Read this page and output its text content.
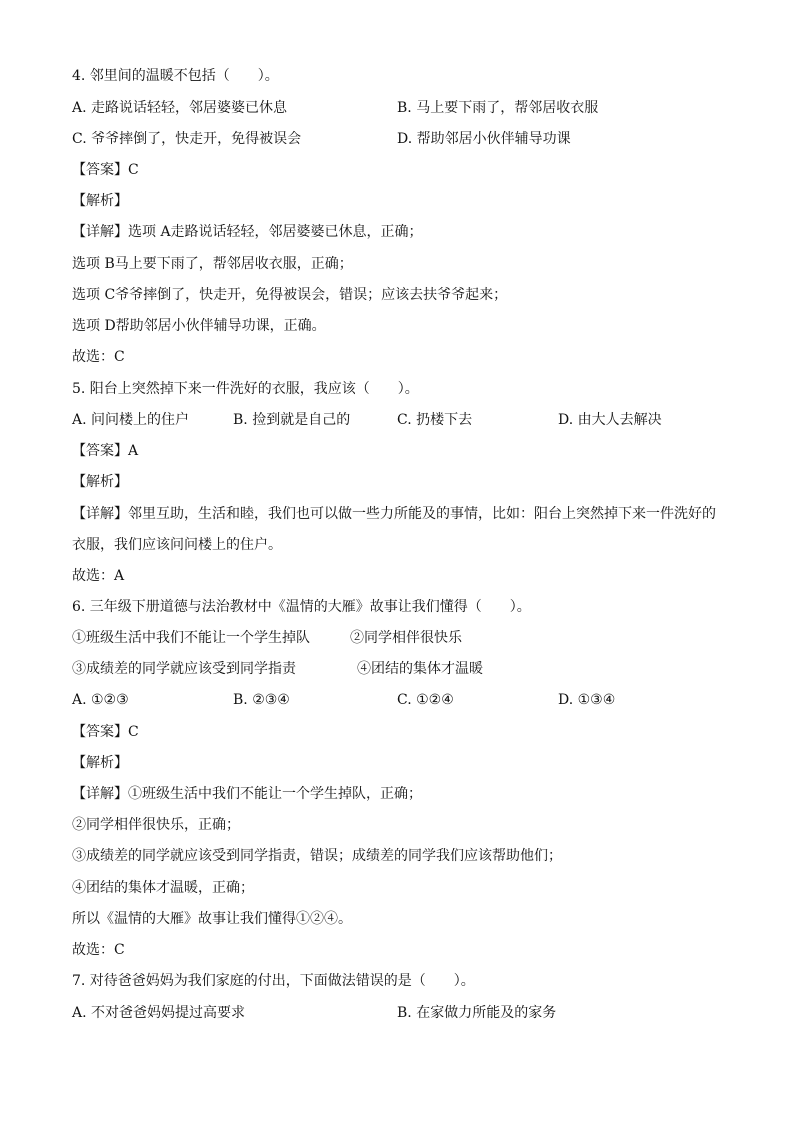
4. 邻里间的温暖不包括（　　）。
A. 走路说话轻轻，邻居婆婆已休息	B. 马上要下雨了，帮邻居收衣服
C. 爷爷摔倒了，快走开，免得被误会	D. 帮助邻居小伙伴辅导功课
【答案】C
【解析】
【详解】选项 A走路说话轻轻，邻居婆婆已休息，正确；
选项 B马上要下雨了，帮邻居收衣服，正确；
选项 C爷爷摔倒了，快走开，免得被误会，错误；应该去扶爷爷起来；
选项 D帮助邻居小伙伴辅导功课，正确。
故选：C
5. 阳台上突然掉下来一件洗好的衣服，我应该（　　）。
A. 问问楼上的住户	B. 捡到就是自己的	C. 扔楼下去	D. 由大人去解决
【答案】A
【解析】
【详解】邻里互助，生活和睦，我们也可以做一些力所能及的事情，比如：阳台上突然掉下来一件洗好的
衣服，我们应该问问楼上的住户。
故选：A
6. 三年级下册道德与法治教材中《温情的大雁》故事让我们懂得（　　）。
①班级生活中我们不能让一个学生掉队	②同学相伴很快乐
③成绩差的同学就应该受到同学指责	④团结的集体才温暖
A. ①②③	B. ②③④	C. ①②④	D. ①③④
【答案】C
【解析】
【详解】①班级生活中我们不能让一个学生掉队，正确；
②同学相伴很快乐，正确；
③成绩差的同学就应该受到同学指责，错误；成绩差的同学我们应该帮助他们；
④团结的集体才温暖，正确；
所以《温情的大雁》故事让我们懂得①②④。
故选：C
7. 对待爸爸妈妈为我们家庭的付出，下面做法错误的是（　　）。
A. 不对爸爸妈妈提过高要求	B. 在家做力所能及的家务
